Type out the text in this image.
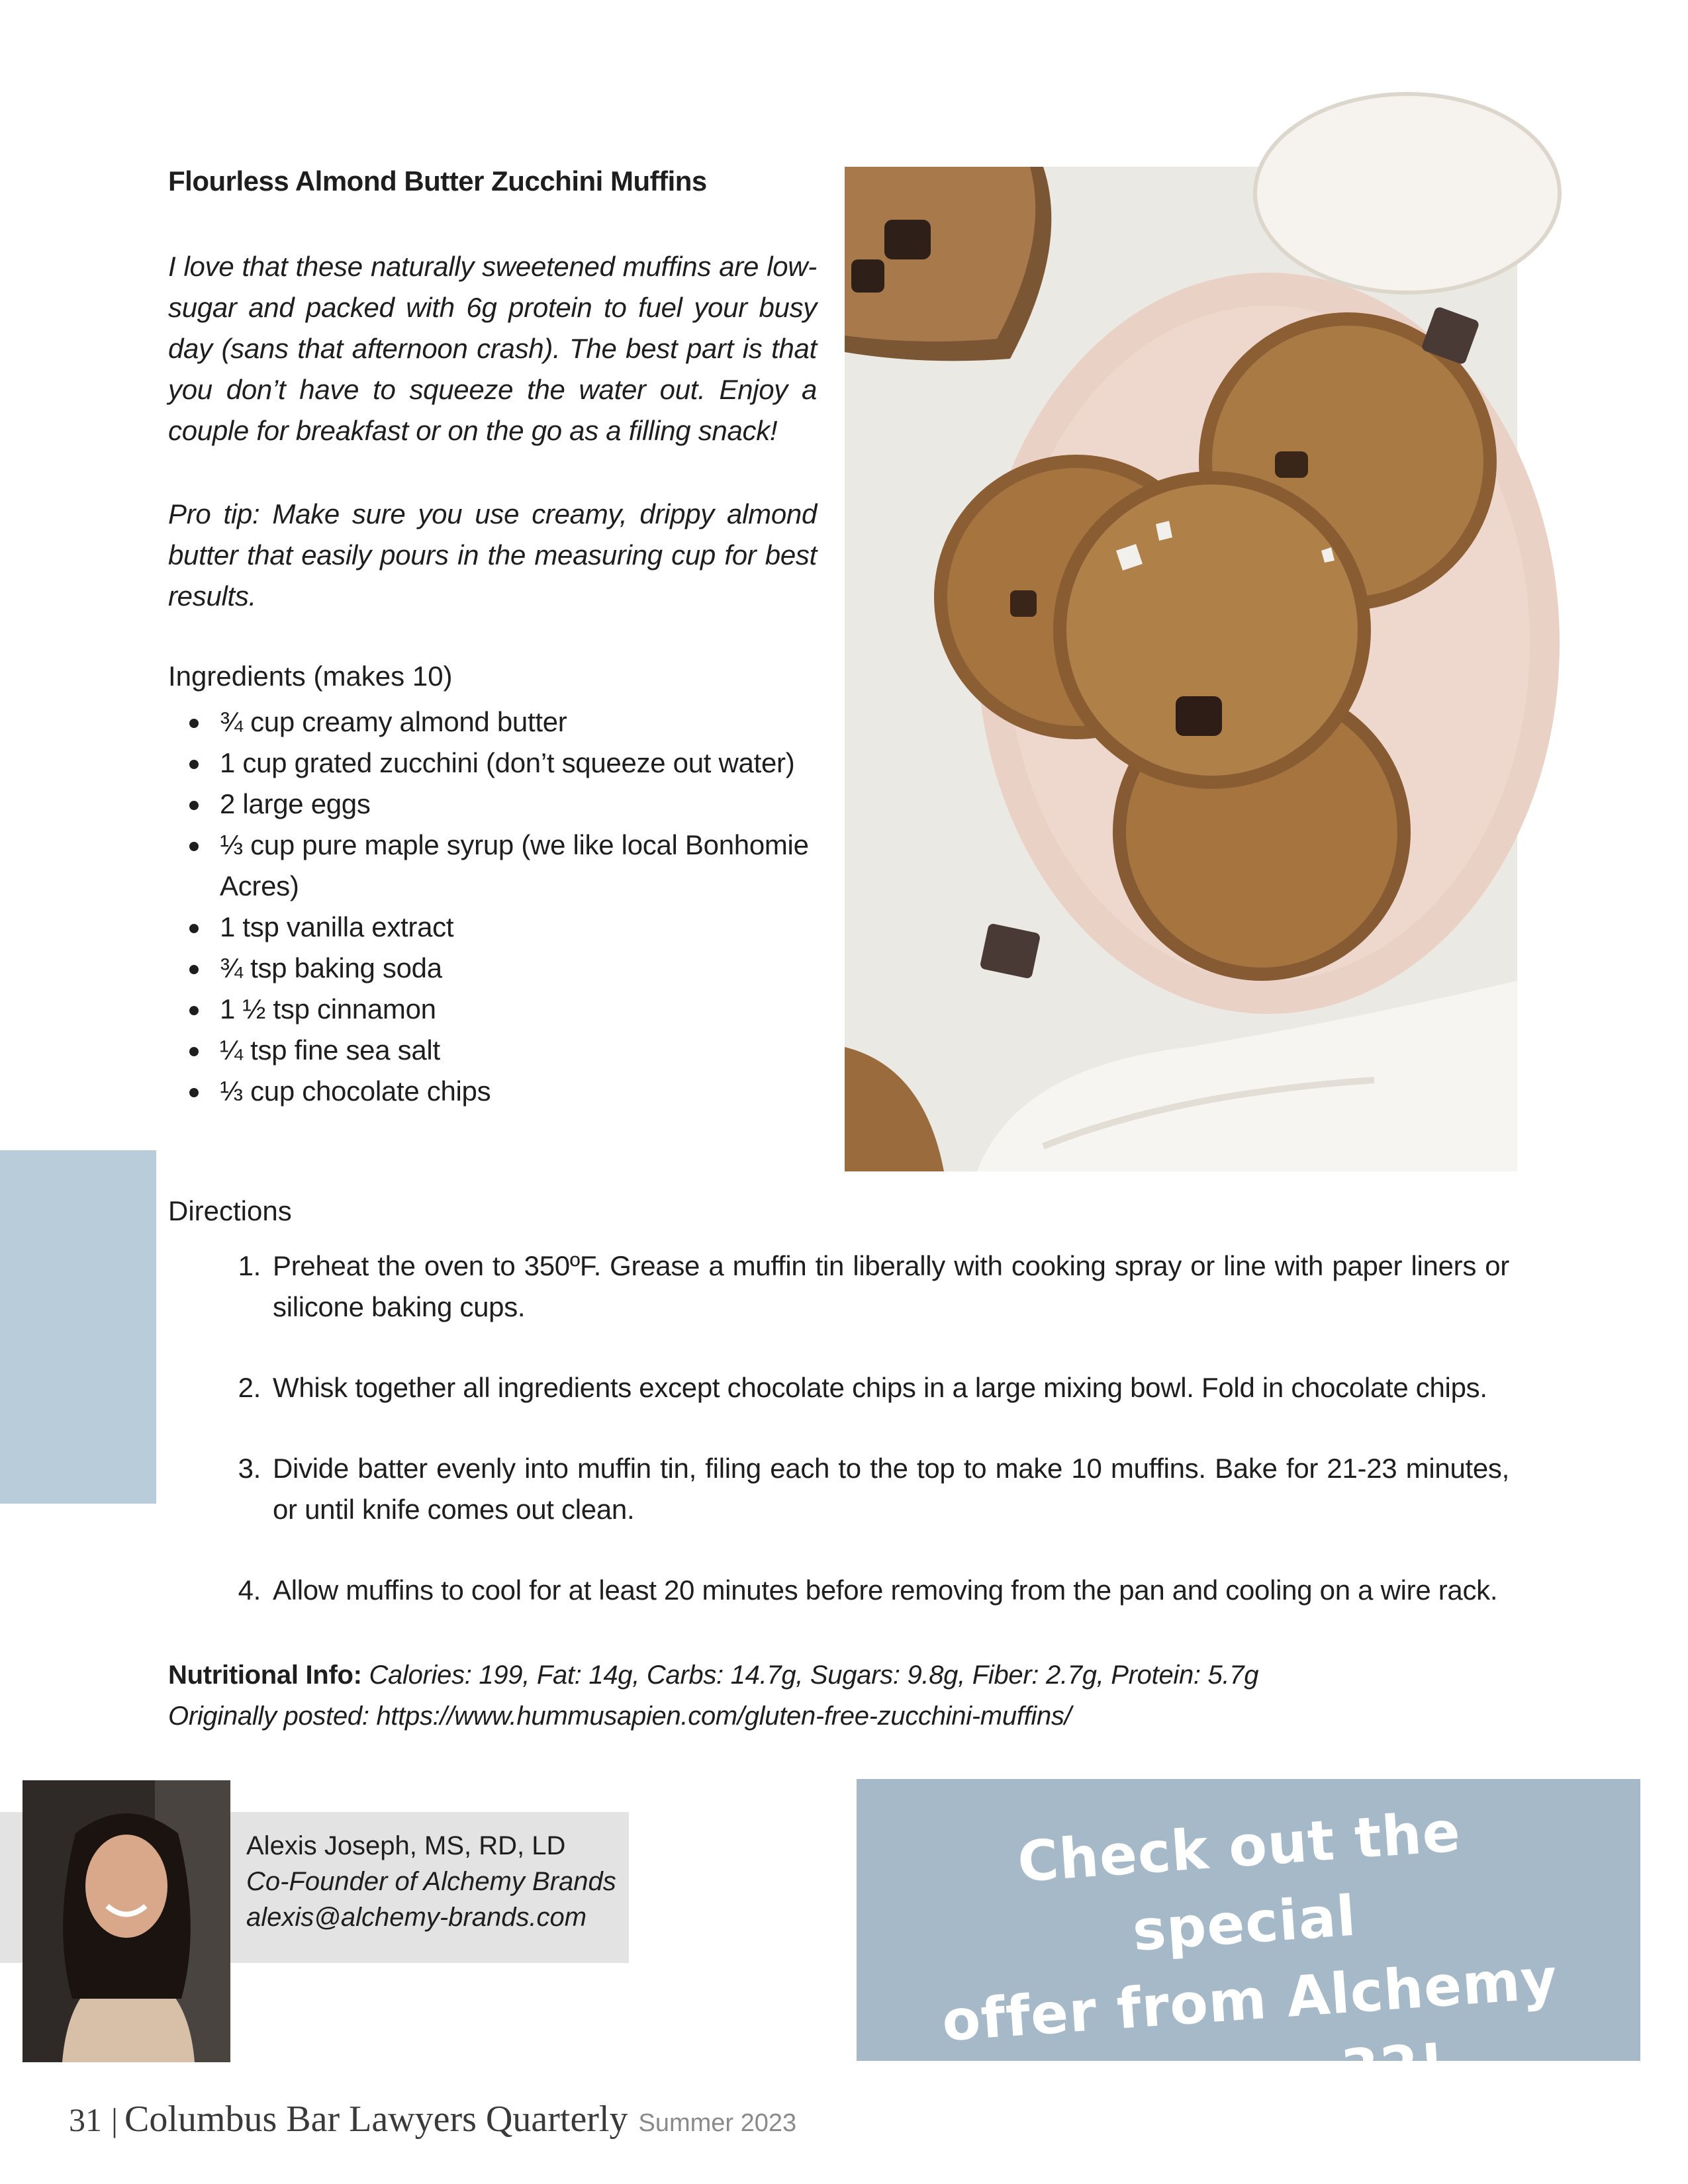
Flourless Almond Butter Zucchini Muffins

I love that these naturally sweetened muffins are low-sugar and packed with 6g protein to fuel your busy day (sans that afternoon crash). The best part is that you don’t have to squeeze the water out. Enjoy a couple for breakfast or on the go as a filling snack!

Pro tip: Make sure you use creamy, drippy almond butter that easily pours in the measuring cup for best results.

Ingredients (makes 10)

¾ cup creamy almond butter
1 cup grated zucchini (don’t squeeze out water)
2 large eggs
⅓ cup pure maple syrup (we like local Bonhomie Acres)
1 tsp vanilla extract
¾ tsp baking soda
1 ½ tsp cinnamon
¼ tsp fine sea salt
⅓ cup chocolate chips

Directions

1. Preheat the oven to 350ºF. Grease a muffin tin liberally with cooking spray or line with paper liners or silicone baking cups.
2. Whisk together all ingredients except chocolate chips in a large mixing bowl. Fold in chocolate chips.
3. Divide batter evenly into muffin tin, filing each to the top to make 10 muffins. Bake for 21-23 minutes, or until knife comes out clean.
4. Allow muffins to cool for at least 20 minutes before removing from the pan and cooling on a wire rack.

Nutritional Info: Calories: 199, Fat: 14g, Carbs: 14.7g, Sugars: 9.8g, Fiber: 2.7g, Protein: 5.7g

Originally posted: https://www.hummusapien.com/gluten-free-zucchini-muffins/

Alexis Joseph, MS, RD, LD
Co-Founder of Alchemy Brands
alexis@alchemy-brands.com
Check out the special
offer from Alchemy
on page 32!
31 | Columbus Bar Lawyers Quarterly Summer 2023
